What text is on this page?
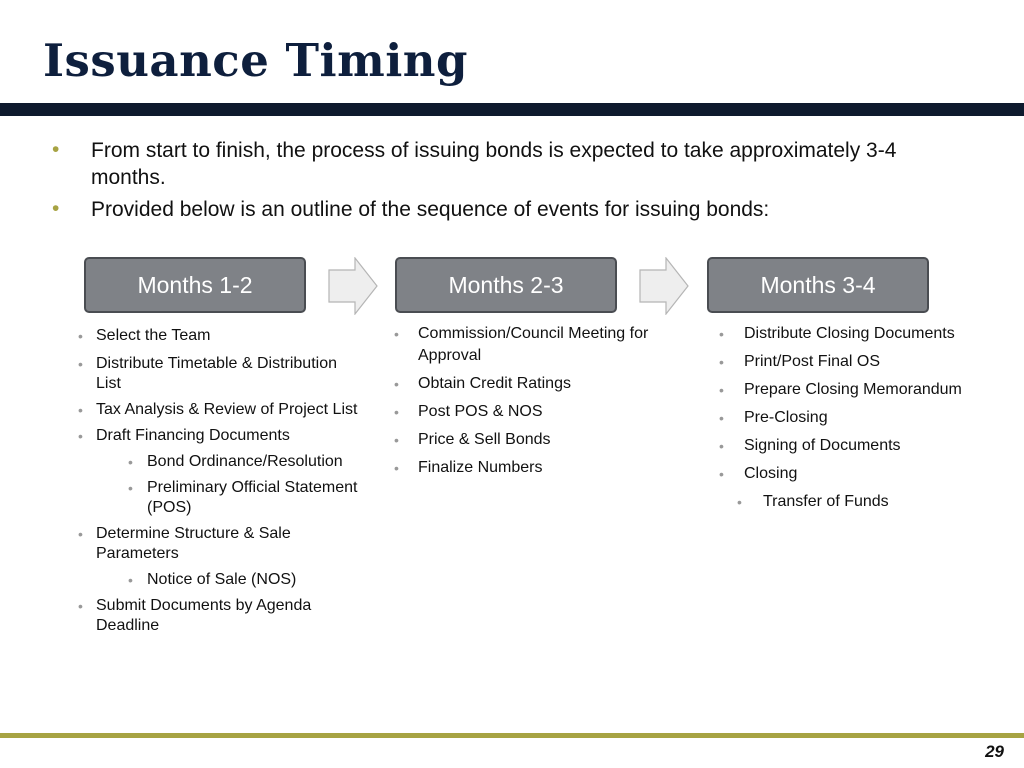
Issuance Timing
• From start to finish, the process of issuing bonds is expected to take approximately 3-4 months.
• Provided below is an outline of the sequence of events for issuing bonds:
Months 1-2	Months 2-3	Months 3-4
• Select the Team
• Distribute Timetable & Distribution List
• Tax Analysis & Review of Project List
• Draft Financing Documents
• Bond Ordinance/Resolution
• Preliminary Official Statement (POS)
• Determine Structure & Sale Parameters
• Notice of Sale (NOS)
• Submit Documents by Agenda Deadline
• Commission/Council Meeting for Approval
• Obtain Credit Ratings
• Post POS & NOS
• Price & Sell Bonds
• Finalize Numbers
• Distribute Closing Documents
• Print/Post Final OS
• Prepare Closing Memorandum
• Pre-Closing
• Signing of Documents
• Closing
• Transfer of Funds
29
